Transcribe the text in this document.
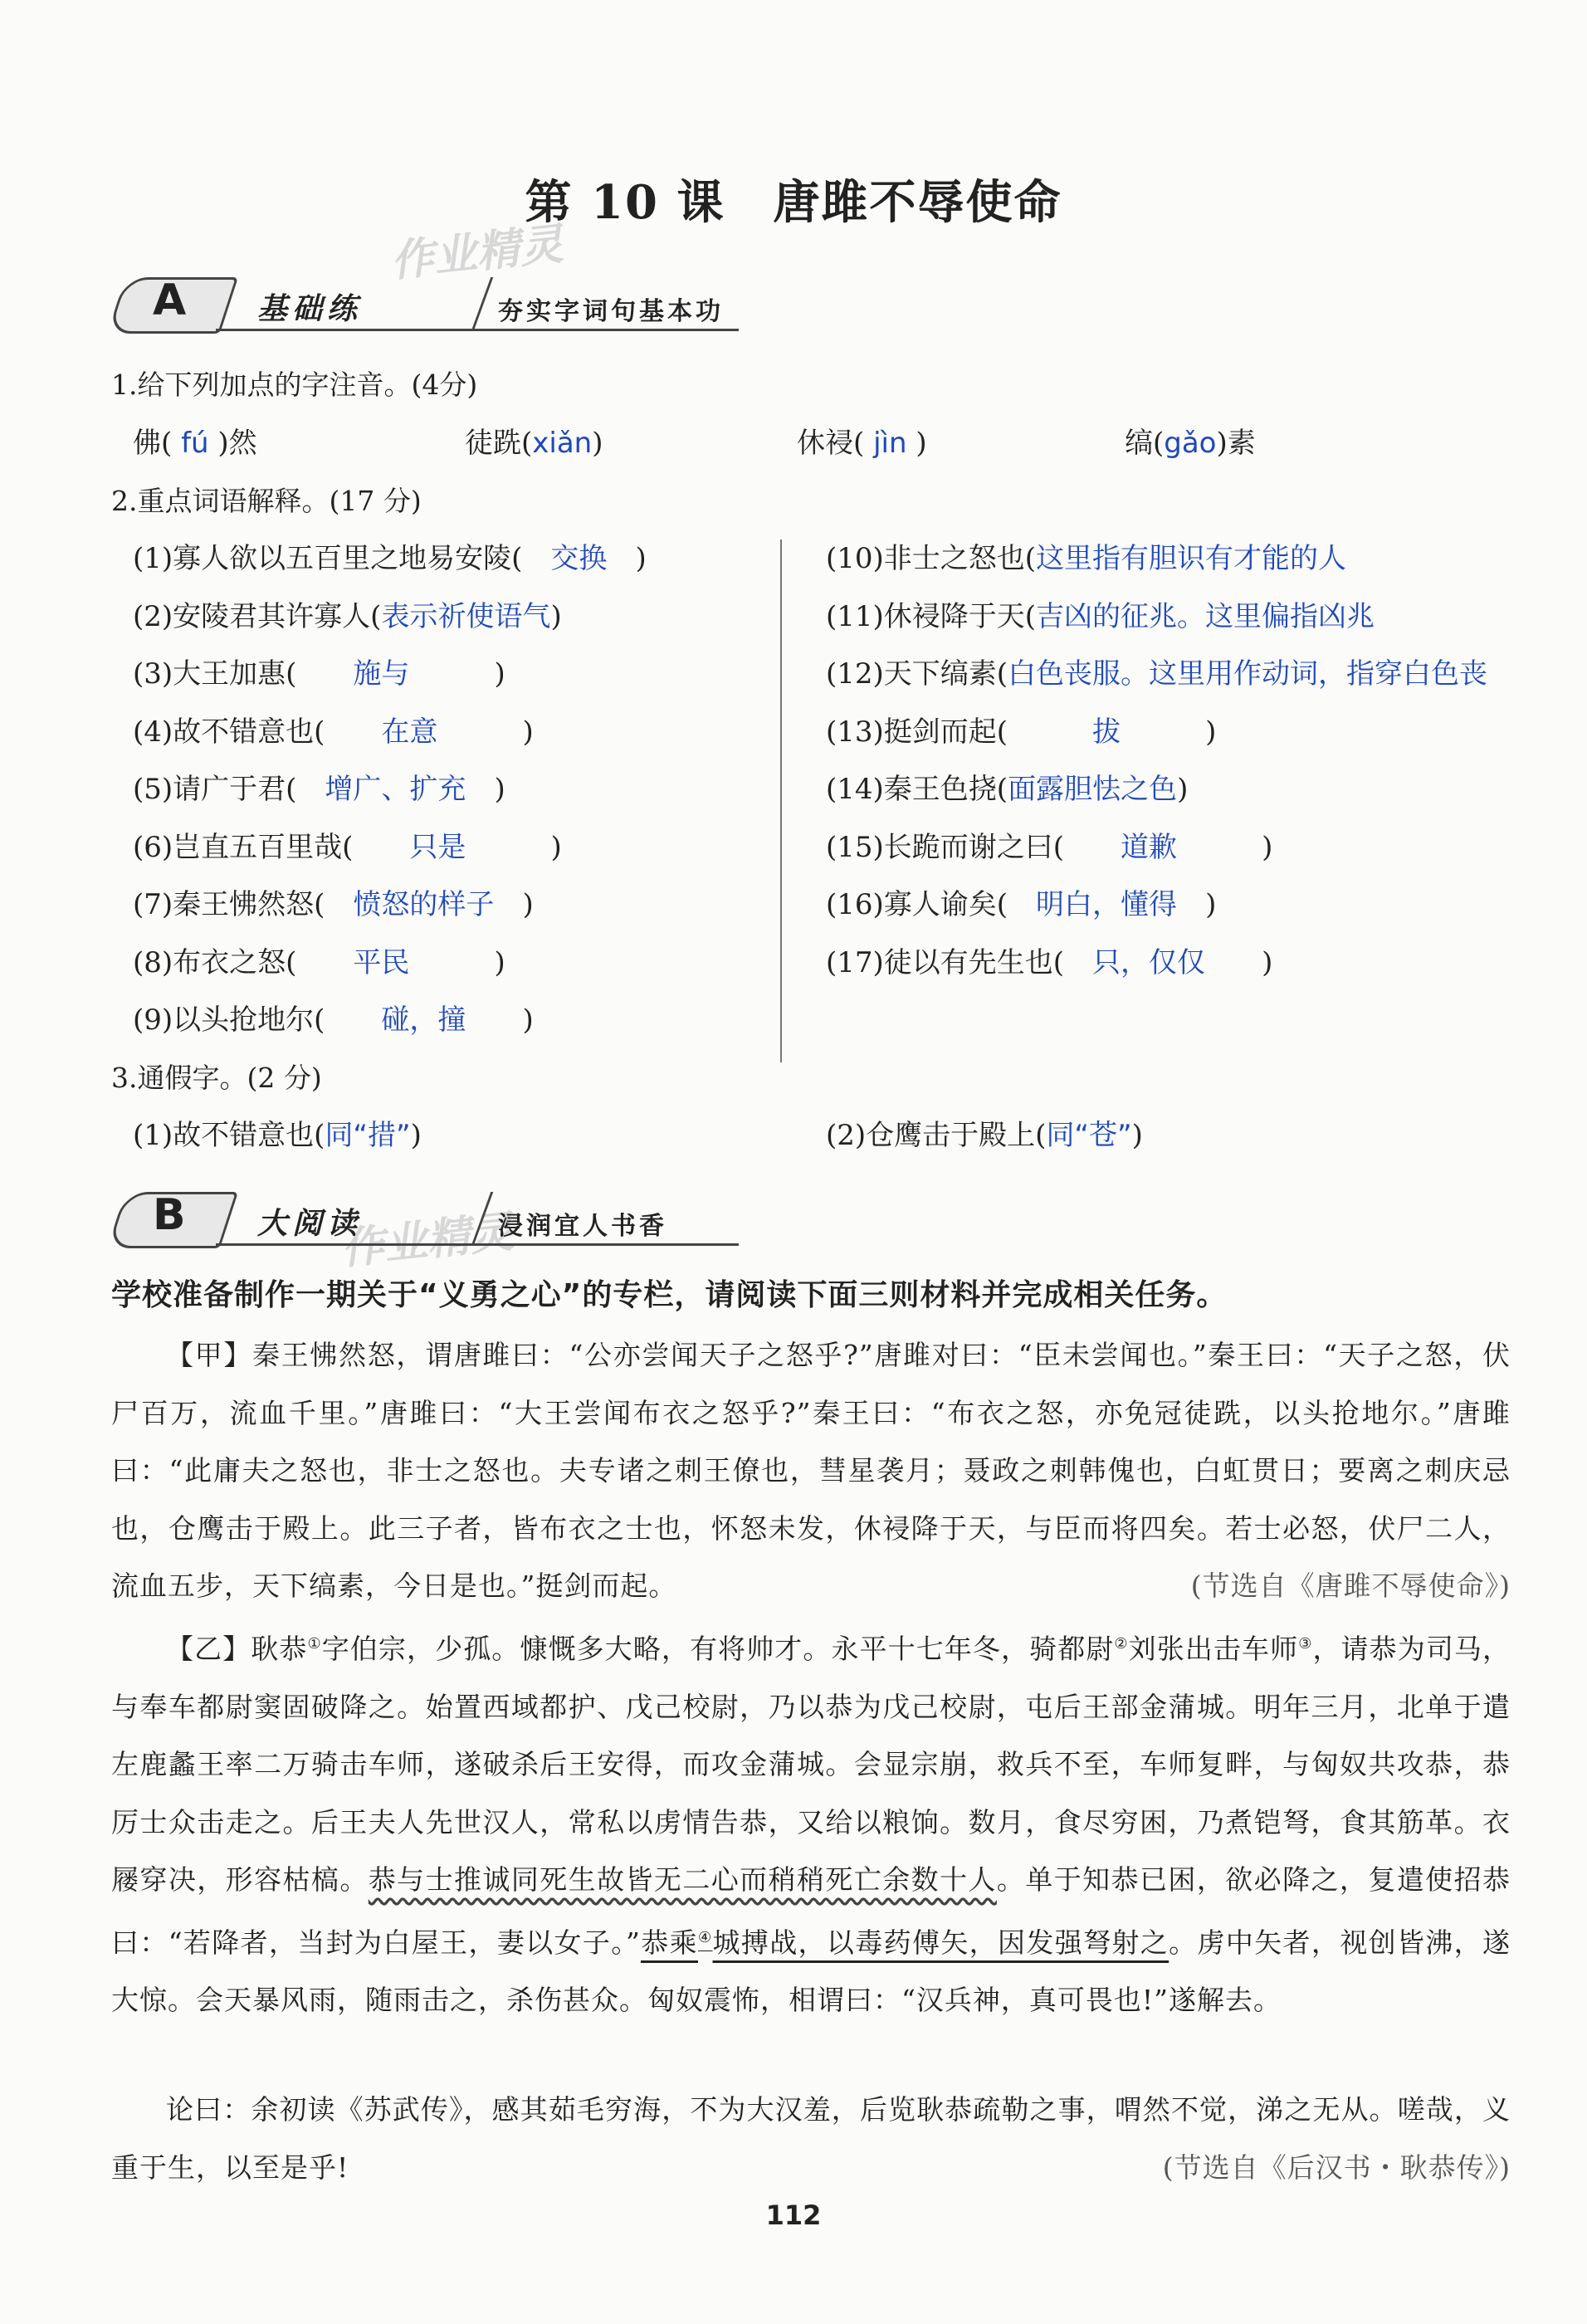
第 10 课　唐雎不辱使命
作业精灵
作业精灵
A 基础练	夯实字词句基本功
1.给下列加点的字注音。(4分)
佛( fú )然	徒跣(xiǎn)	休祲( jìn )	缟(gǎo)素
2.重点词语解释。(17 分)
(1)寡人欲以五百里之地易安陵(　交换　)
(2)安陵君其许寡人(表示祈使语气)
(3)大王加惠(　　施与　　　)
(4)故不错意也(　　在意　　　)
(5)请广于君(　增广、扩充　)
(6)岂直五百里哉(　　只是　　　)
(7)秦王怫然怒(　愤怒的样子　)
(8)布衣之怒(　　平民　　　)
(9)以头抢地尔(　　碰，撞　　)
(10)非士之怒也(这里指有胆识有才能的人
(11)休祲降于天(吉凶的征兆。这里偏指凶兆
(12)天下缟素(白色丧服。这里用作动词，指穿白色丧
(13)挺剑而起(　　　拔　　　)
(14)秦王色挠(面露胆怯之色)
(15)长跪而谢之曰(　　道歉　　　)
(16)寡人谕矣(　明白，懂得　)
(17)徒以有先生也(　只，仅仅　　)
3.通假字。(2 分)
(1)故不错意也(同“措”)	(2)仓鹰击于殿上(同“苍”)
B 大阅读	浸润宜人书香
学校准备制作一期关于“义勇之心”的专栏，请阅读下面三则材料并完成相关任务。
【甲】秦王怫然怒，谓唐雎曰：“公亦尝闻天子之怒乎?”唐雎对曰：“臣未尝闻也。”秦王曰：“天子之怒，伏尸百万，流血千里。”唐雎曰：“大王尝闻布衣之怒乎?”秦王曰：“布衣之怒，亦免冠徒跣，以头抢地尔。”唐雎曰：“此庸夫之怒也，非士之怒也。夫专诸之刺王僚也，彗星袭月；聂政之刺韩傀也，白虹贯日；要离之刺庆忌也，仓鹰击于殿上。此三子者，皆布衣之士也，怀怒未发，休祲降于天，与臣而将四矣。若士必怒，伏尸二人，流血五步，天下缟素，今日是也。”挺剑而起。	(节选自《唐雎不辱使命》)
【乙】耿恭①字伯宗，少孤。慷慨多大略，有将帅才。永平十七年冬，骑都尉②刘张出击车师③，请恭为司马，与奉车都尉窦固破降之。始置西域都护、戊己校尉，乃以恭为戊己校尉，屯后王部金蒲城。明年三月，北单于遣左鹿蠡王率二万骑击车师，遂破杀后王安得，而攻金蒲城。会显宗崩，救兵不至，车师复畔，与匈奴共攻恭，恭厉士众击走之。后王夫人先世汉人，常私以虏情告恭，又给以粮饷。数月，食尽穷困，乃煮铠弩，食其筋革。衣屦穿决，形容枯槁。恭与士推诚同死生故皆无二心而稍稍死亡余数十人。单于知恭已困，欲必降之，复遣使招恭曰：“若降者，当封为白屋王，妻以女子。”恭乘④城搏战，以毒药傅矢，因发强弩射之。虏中矢者，视创皆沸，遂大惊。会天暴风雨，随雨击之，杀伤甚众。匈奴震怖，相谓曰：“汉兵神，真可畏也!”遂解去。
论曰：余初读《苏武传》，感其茹毛穷海，不为大汉羞，后览耿恭疏勒之事，喟然不觉，涕之无从。嗟哉，义重于生，以至是乎!	(节选自《后汉书・耿恭传》)
112
